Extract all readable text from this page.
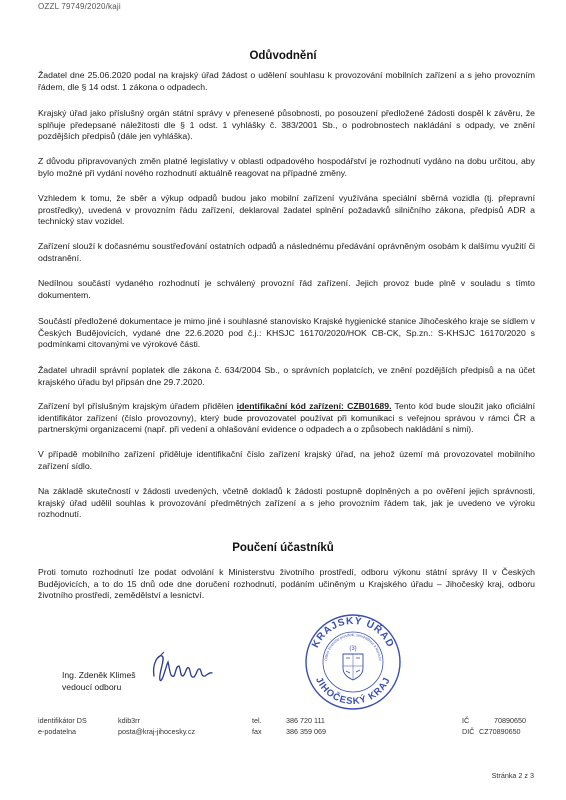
OZZL 79749/2020/kaji
Odůvodnění
Žadatel dne 25.06.2020 podal na krajský úřad žádost o udělení souhlasu k provozování mobilních zařízení a s jeho provozním řádem, dle § 14 odst. 1 zákona o odpadech.
Krajský úřad jako příslušný orgán státní správy v přenesené působnosti, po posouzení předložené žádosti dospěl k závěru, že splňuje předepsané náležitosti dle § 1 odst. 1 vyhlášky č. 383/2001 Sb., o podrobnostech nakládání s odpady, ve znění pozdějších předpisů (dále jen vyhláška).
Z důvodu připravovaných změn platné legislativy v oblasti odpadového hospodářství je rozhodnutí vydáno na dobu určitou, aby bylo možné při vydání nového rozhodnutí aktuálně reagovat na případné změny.
Vzhledem k tomu, že sběr a výkup odpadů budou jako mobilní zařízení využívána speciální sběrná vozidla (tj. přepravní prostředky), uvedená v provozním řádu zařízení, deklaroval žadatel splnění požadavků silničního zákona, předpisů ADR a technický stav vozidel.
Zařízení slouží k dočasnému soustřeďování ostatních odpadů a následnému předávání oprávněným osobám k dalšímu využití či odstranění.
Nedílnou součástí vydaného rozhodnutí je schválený provozní řád zařízení. Jejich provoz bude plně v souladu s tímto dokumentem.
Součástí předložené dokumentace je mimo jiné i souhlasné stanovisko Krajské hygienické stanice Jihočeského kraje se sídlem v Českých Budějovicích, vydané dne 22.6.2020 pod č.j.: KHSJC 16170/2020/HOK CB-CK, Sp.zn.: S-KHSJC 16170/2020 s podmínkami citovanými ve výrokové části.
Žadatel uhradil správní poplatek dle zákona č. 634/2004 Sb., o správních poplatcích, ve znění pozdějších předpisů a na účet krajského úřadu byl připsán dne 29.7.2020.
Zařízení byl příslušným krajským úřadem přidělen identifikační kód zařízení: CZB01689. Tento kód bude sloužit jako oficiální identifikátor zařízení (číslo provozovny), který bude provozovatel používat při komunikaci s veřejnou správou v rámci ČR a partnerskými organizacemi (např. při vedení a ohlašování evidence o odpadech a o způsobech nakládání s nimi).
V případě mobilního zařízení přiděluje identifikační číslo zařízení krajský úřad, na jehož území má provozovatel mobilního zařízení sídlo.
Na základě skutečností v žádosti uvedených, včetně dokladů k žádosti postupně doplněných a po ověření jejich správnosti, krajský úřad udělil souhlas k provozování předmětných zařízení a s jeho provozním řádem tak, jak je uvedeno ve výroku rozhodnutí.
Poučení účastníků
Proti tomuto rozhodnutí lze podat odvolání k Ministerstvu životního prostředí, odboru výkonu státní správy II v Českých Budějovicích, a to do 15 dnů ode dne doručení rozhodnutí, podáním učiněným u Krajského úřadu – Jihočeský kraj, odboru životního prostředí, zemědělství a lesnictví.
Ing. Zdeněk Klimeš
vedoucí odboru
KRAJSKÝ ÚŘAD
JIHOČESKÝ KRAJ
Odbor životního prostředí, zemědělství a lesnictví
(3)
identifikátor DS	kdib3rr
e-podatelna	posta@kraj-jihocesky.cz
tel.	386 720 111
fax	386 359 069
IČ	70890650
DIČ CZ70890650
Stránka 2 z 3
